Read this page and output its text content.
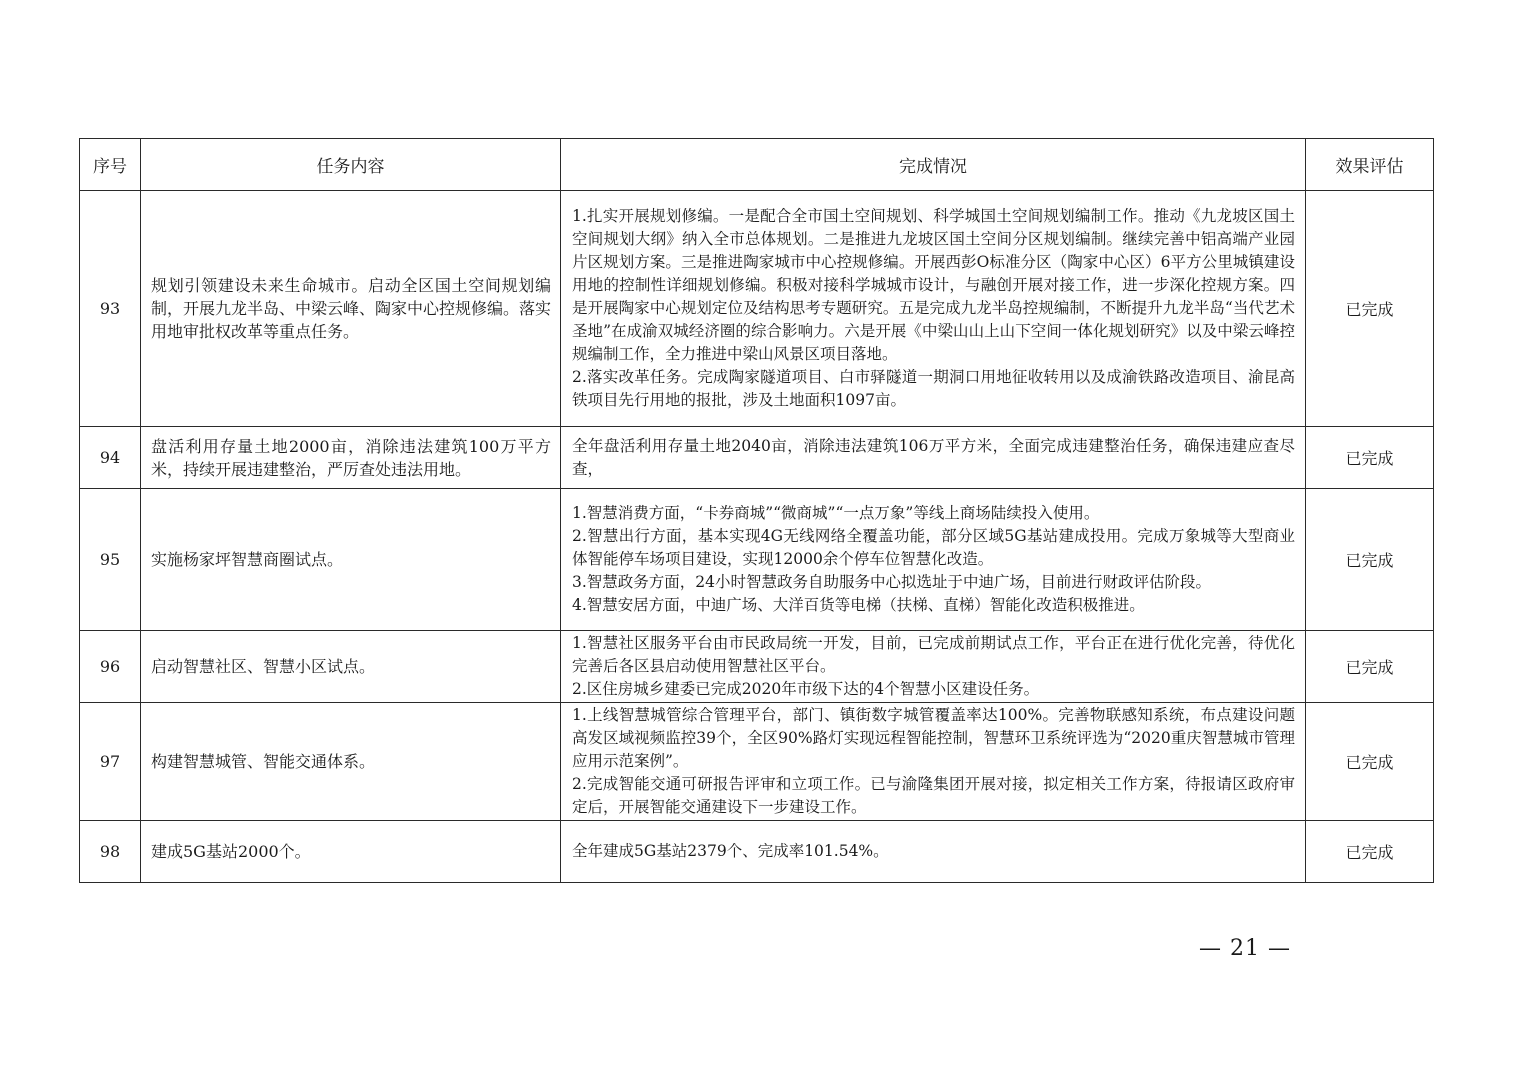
序号	任务内容	完成情况	效果评估
93	规划引领建设未来生命城市。启动全区国土空间规划编制，开展九龙半岛、中梁云峰、陶家中心控规修编。落实用地审批权改革等重点任务。	1.扎实开展规划修编。一是配合全市国土空间规划、科学城国土空间规划编制工作。推动《九龙坡区国土空间规划大纲》纳入全市总体规划。二是推进九龙坡区国土空间分区规划编制。继续完善中铝高端产业园片区规划方案。三是推进陶家城市中心控规修编。开展西彭O标准分区（陶家中心区）6平方公里城镇建设用地的控制性详细规划修编。积极对接科学城城市设计，与融创开展对接工作，进一步深化控规方案。四是开展陶家中心规划定位及结构思考专题研究。五是完成九龙半岛控规编制，不断提升九龙半岛“当代艺术圣地”在成渝双城经济圈的综合影响力。六是开展《中梁山山上山下空间一体化规划研究》以及中梁云峰控规编制工作，全力推进中梁山风景区项目落地。
2.落实改革任务。完成陶家隧道项目、白市驿隧道一期洞口用地征收转用以及成渝铁路改造项目、渝昆高铁项目先行用地的报批，涉及土地面积1097亩。	已完成
94	盘活利用存量土地2000亩，消除违法建筑100万平方米，持续开展违建整治，严厉查处违法用地。	全年盘活利用存量土地2040亩，消除违法建筑106万平方米，全面完成违建整治任务，确保违建应查尽查，	已完成
95	实施杨家坪智慧商圈试点。	1.智慧消费方面，“卡券商城”“微商城”“一点万象”等线上商场陆续投入使用。
2.智慧出行方面，基本实现4G无线网络全覆盖功能，部分区域5G基站建成投用。完成万象城等大型商业体智能停车场项目建设，实现12000余个停车位智慧化改造。
3.智慧政务方面，24小时智慧政务自助服务中心拟选址于中迪广场，目前进行财政评估阶段。
4.智慧安居方面，中迪广场、大洋百货等电梯（扶梯、直梯）智能化改造积极推进。	已完成
96	启动智慧社区、智慧小区试点。	1.智慧社区服务平台由市民政局统一开发，目前，已完成前期试点工作，平台正在进行优化完善，待优化完善后各区县启动使用智慧社区平台。
2.区住房城乡建委已完成2020年市级下达的4个智慧小区建设任务。	已完成
97	构建智慧城管、智能交通体系。	1.上线智慧城管综合管理平台，部门、镇街数字城管覆盖率达100%。完善物联感知系统，布点建设问题高发区域视频监控39个，全区90%路灯实现远程智能控制，智慧环卫系统评选为“2020重庆智慧城市管理应用示范案例”。
2.完成智能交通可研报告评审和立项工作。已与渝隆集团开展对接，拟定相关工作方案，待报请区政府审定后，开展智能交通建设下一步建设工作。	已完成
98	建成5G基站2000个。	全年建成5G基站2379个、完成率101.54%。	已完成
— 21 —
